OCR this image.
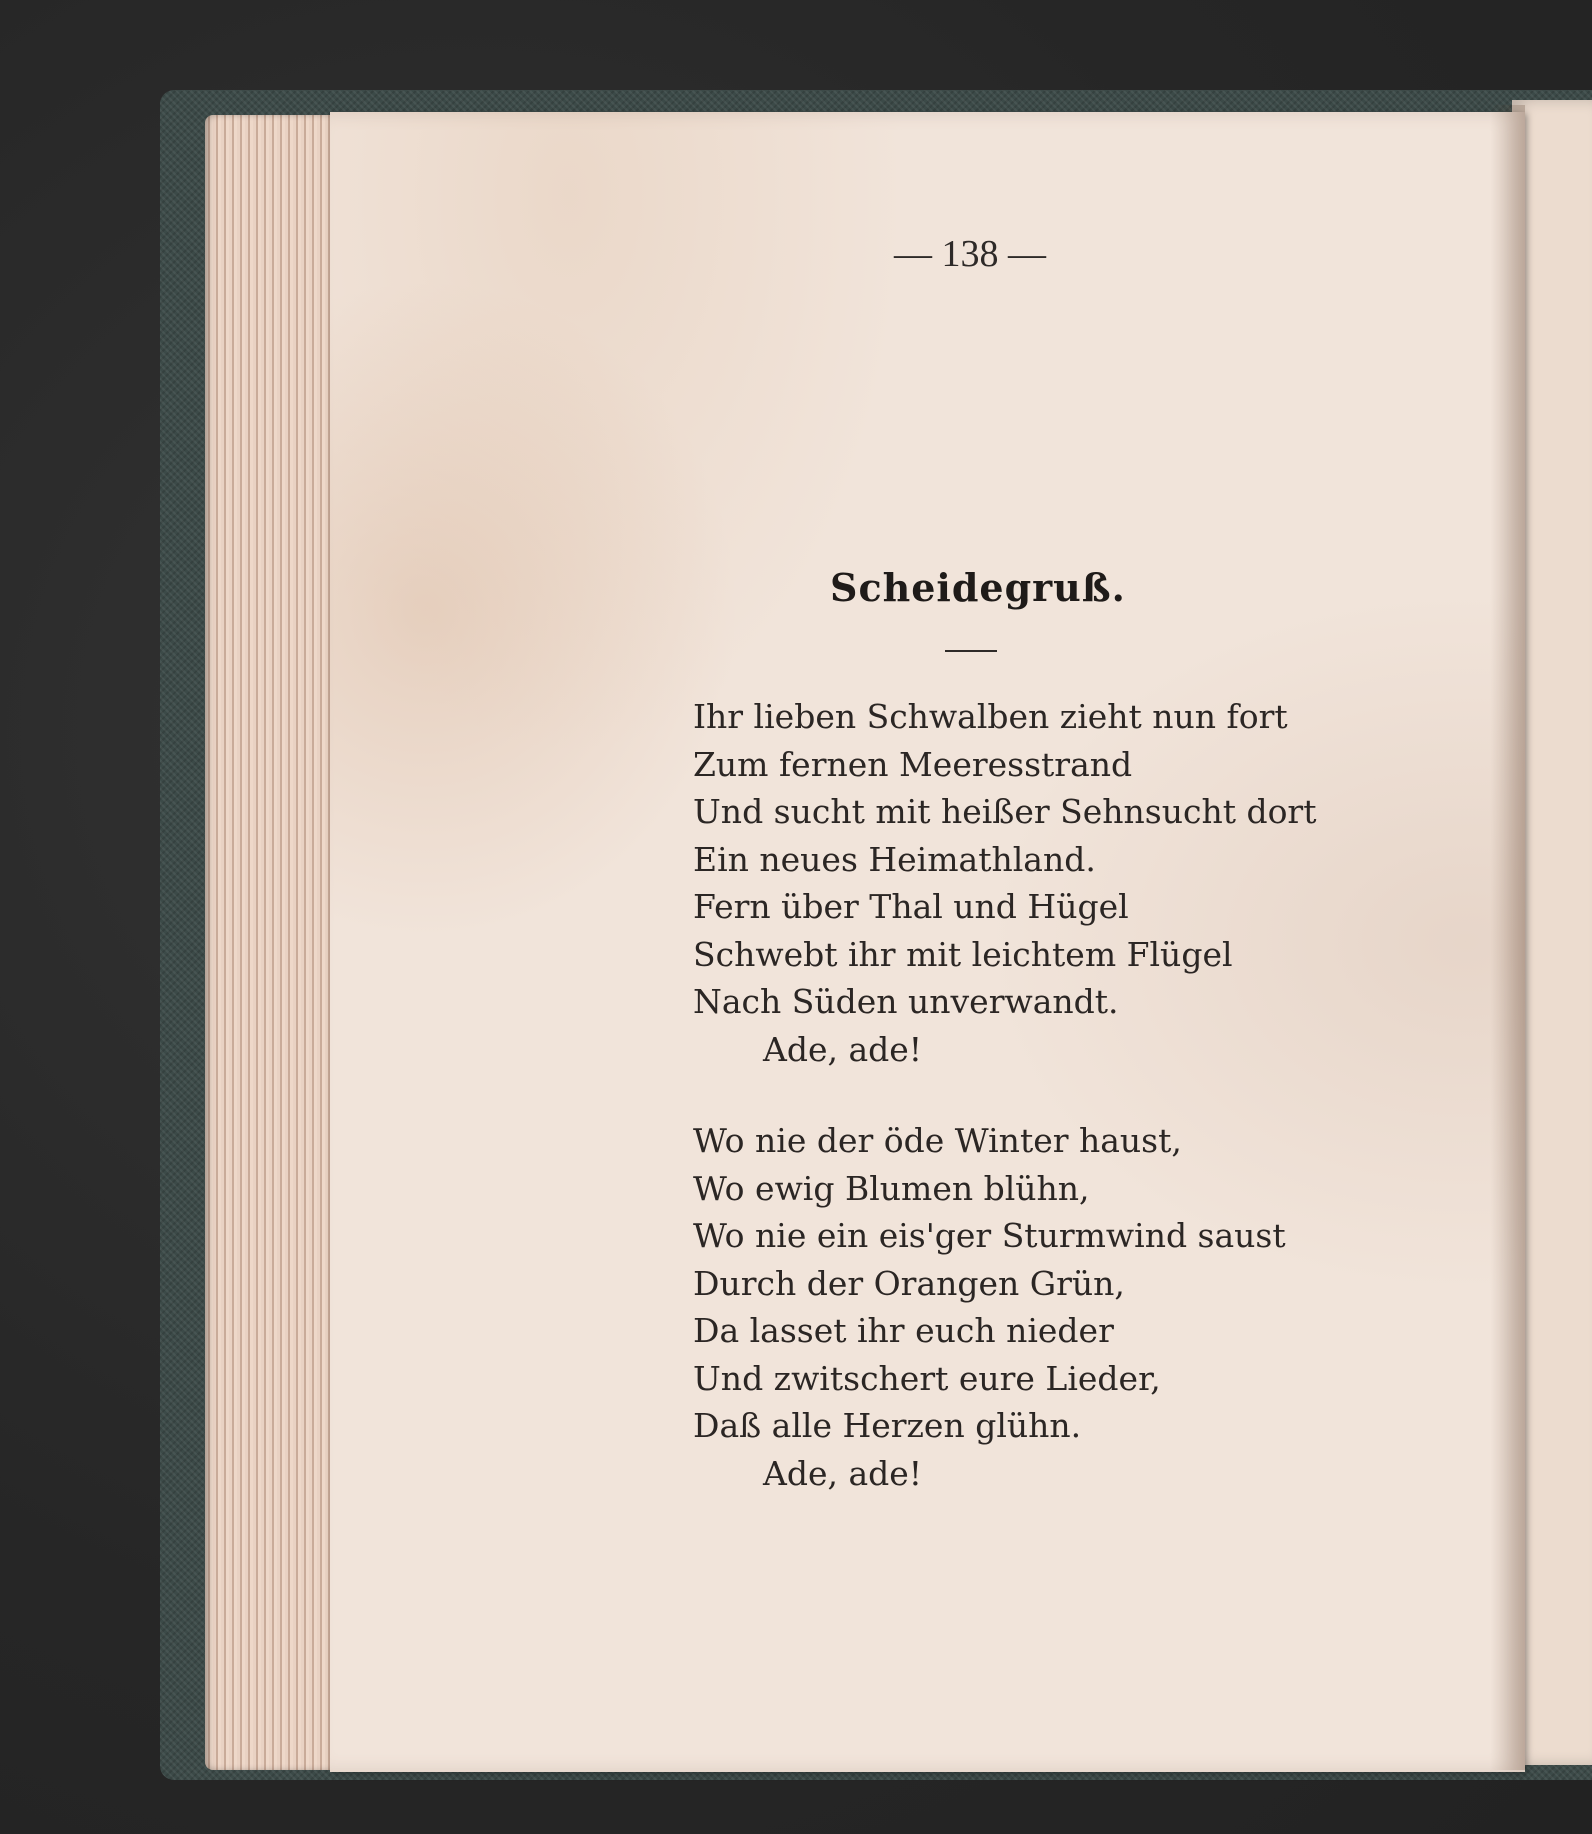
— 138 —
Scheidegruß.
Ihr lieben Schwalben zieht nun fort
Zum fernen Meeresstrand
Und sucht mit heißer Sehnsucht dort
Ein neues Heimathland.
Fern über Thal und Hügel
Schwebt ihr mit leichtem Flügel
Nach Süden unverwandt.
Ade, ade!
Wo nie der öde Winter haust,
Wo ewig Blumen blühn,
Wo nie ein eis'ger Sturmwind saust
Durch der Orangen Grün,
Da lasset ihr euch nieder
Und zwitschert eure Lieder,
Daß alle Herzen glühn.
Ade, ade!
